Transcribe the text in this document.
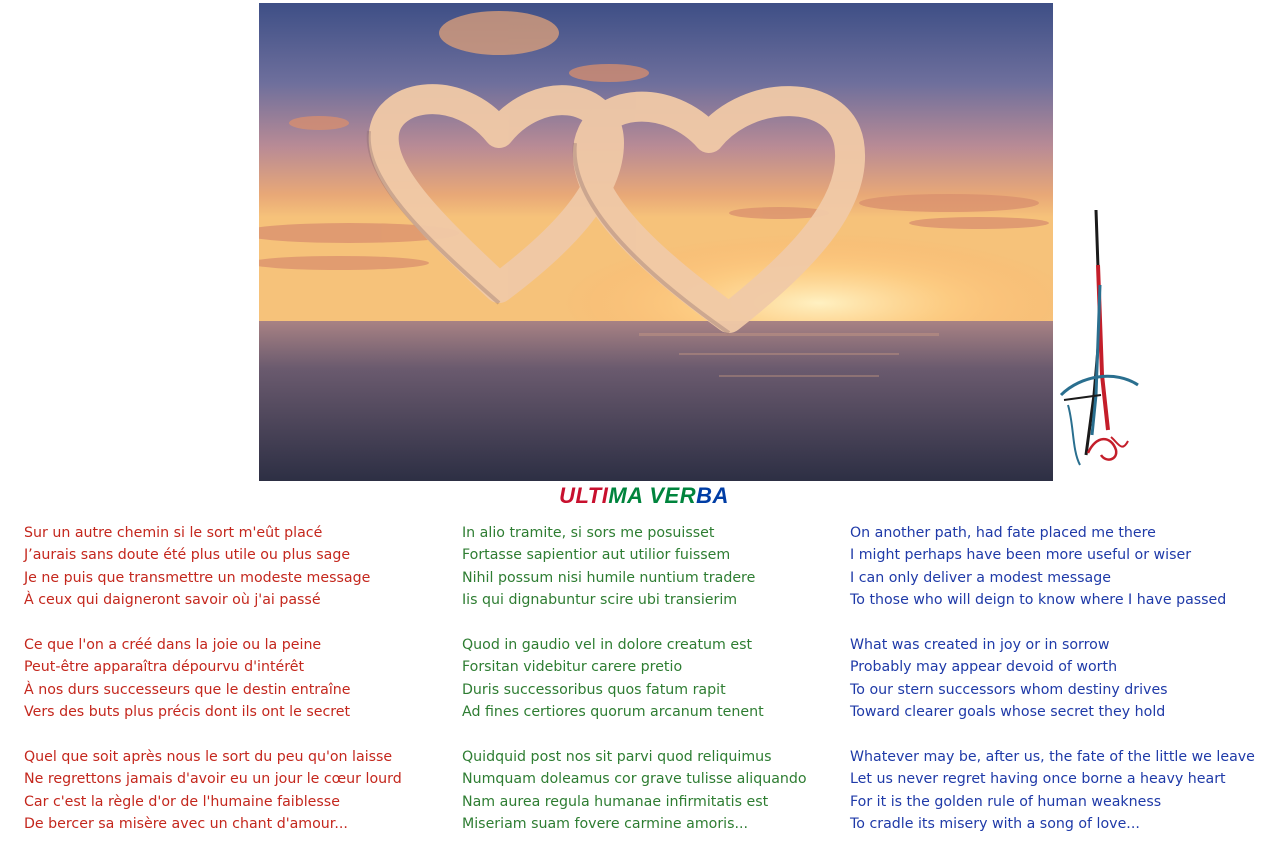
ULTIMA VERBA
Sur un autre chemin si le sort m'eût placé
J’aurais sans doute été plus utile ou plus sage
Je ne puis que transmettre un modeste message
À ceux qui daigneront savoir où j'ai passé
Ce que l'on a créé dans la joie ou la peine
Peut-être apparaîtra dépourvu d'intérêt
À nos durs successeurs que le destin entraîne
Vers des buts plus précis dont ils ont le secret
Quel que soit après nous le sort du peu qu'on laisse
Ne regrettons jamais d'avoir eu un jour le cœur lourd
Car c'est la règle d'or de l'humaine faiblesse
De bercer sa misère avec un chant d'amour...
In alio tramite, si sors me posuisset
Fortasse sapientior aut utilior fuissem
Nihil possum nisi humile nuntium tradere
Iis qui dignabuntur scire ubi transierim
Quod in gaudio vel in dolore creatum est
Forsitan videbitur carere pretio
Duris successoribus quos fatum rapit
Ad fines certiores quorum arcanum tenent
Quidquid post nos sit parvi quod reliquimus
Numquam doleamus cor grave tulisse aliquando
Nam aurea regula humanae infirmitatis est
Miseriam suam fovere carmine amoris...
On another path, had fate placed me there
I might perhaps have been more useful or wiser
I can only deliver a modest message
To those who will deign to know where I have passed
What was created in joy or in sorrow
Probably may appear devoid of worth
To our stern successors whom destiny drives
Toward clearer goals whose secret they hold
Whatever may be, after us, the fate of the little we leave
Let us never regret having once borne a heavy heart
For it is the golden rule of human weakness
To cradle its misery with a song of love...
